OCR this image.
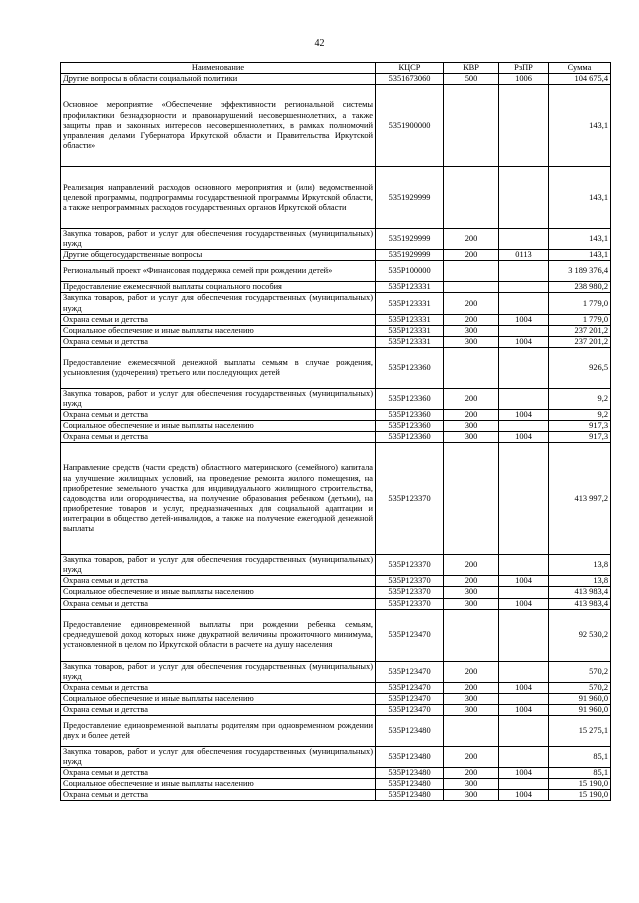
42
Наименование	КЦСР	КВР	РзПР	Сумма
Другие вопросы в области социальной политики	5351673060	500	1006	104 675,4
Основное мероприятие «Обеспечение эффективности региональной системы профилактики безнадзорности и правонарушений несовершеннолетних, а также защиты прав и законных интересов несовершеннолетних, в рамках полномочий управления делами Губернатора Иркутской области и Правительства Иркутской области»	5351900000			143,1
Реализация направлений расходов основного мероприятия и (или) ведомственной целевой программы, подпрограммы государственной программы Иркутской области, а также непрограммных расходов государственных органов Иркутской области	5351929999			143,1
Закупка товаров, работ и услуг для обеспечения государственных (муниципальных) нужд	5351929999	200		143,1
Другие общегосударственные вопросы	5351929999	200	0113	143,1
Региональный проект «Финансовая поддержка семей при рождении детей»	535P100000			3 189 376,4
Предоставление ежемесячной выплаты социального пособия	535P123331			238 980,2
Закупка товаров, работ и услуг для обеспечения государственных (муниципальных) нужд	535P123331	200		1 779,0
Охрана семьи и детства	535P123331	200	1004	1 779,0
Социальное обеспечение и иные выплаты населению	535P123331	300		237 201,2
Охрана семьи и детства	535P123331	300	1004	237 201,2
Предоставление ежемесячной денежной выплаты семьям в случае рождения, усыновления (удочерения) третьего или последующих детей	535P123360			926,5
Закупка товаров, работ и услуг для обеспечения государственных (муниципальных) нужд	535P123360	200		9,2
Охрана семьи и детства	535P123360	200	1004	9,2
Социальное обеспечение и иные выплаты населению	535P123360	300		917,3
Охрана семьи и детства	535P123360	300	1004	917,3
Направление средств (части средств) областного материнского (семейного) капитала на улучшение жилищных условий, на проведение ремонта жилого помещения, на приобретение земельного участка для индивидуального жилищного строительства, садоводства или огородничества, на получение образования ребенком (детьми), на приобретение товаров и услуг, предназначенных для социальной адаптации и интеграции в общество детей-инвалидов, а также на получение ежегодной денежной выплаты	535P123370			413 997,2
Закупка товаров, работ и услуг для обеспечения государственных (муниципальных) нужд	535P123370	200		13,8
Охрана семьи и детства	535P123370	200	1004	13,8
Социальное обеспечение и иные выплаты населению	535P123370	300		413 983,4
Охрана семьи и детства	535P123370	300	1004	413 983,4
Предоставление единовременной выплаты при рождении ребенка семьям, среднедушевой доход которых ниже двукратной величины прожиточного минимума, установленной в целом по Иркутской области в расчете на душу населения	535P123470			92 530,2
Закупка товаров, работ и услуг для обеспечения государственных (муниципальных) нужд	535P123470	200		570,2
Охрана семьи и детства	535P123470	200	1004	570,2
Социальное обеспечение и иные выплаты населению	535P123470	300		91 960,0
Охрана семьи и детства	535P123470	300	1004	91 960,0
Предоставление единовременной выплаты родителям при одновременном рождении двух и более детей	535P123480			15 275,1
Закупка товаров, работ и услуг для обеспечения государственных (муниципальных) нужд	535P123480	200		85,1
Охрана семьи и детства	535P123480	200	1004	85,1
Социальное обеспечение и иные выплаты населению	535P123480	300		15 190,0
Охрана семьи и детства	535P123480	300	1004	15 190,0
